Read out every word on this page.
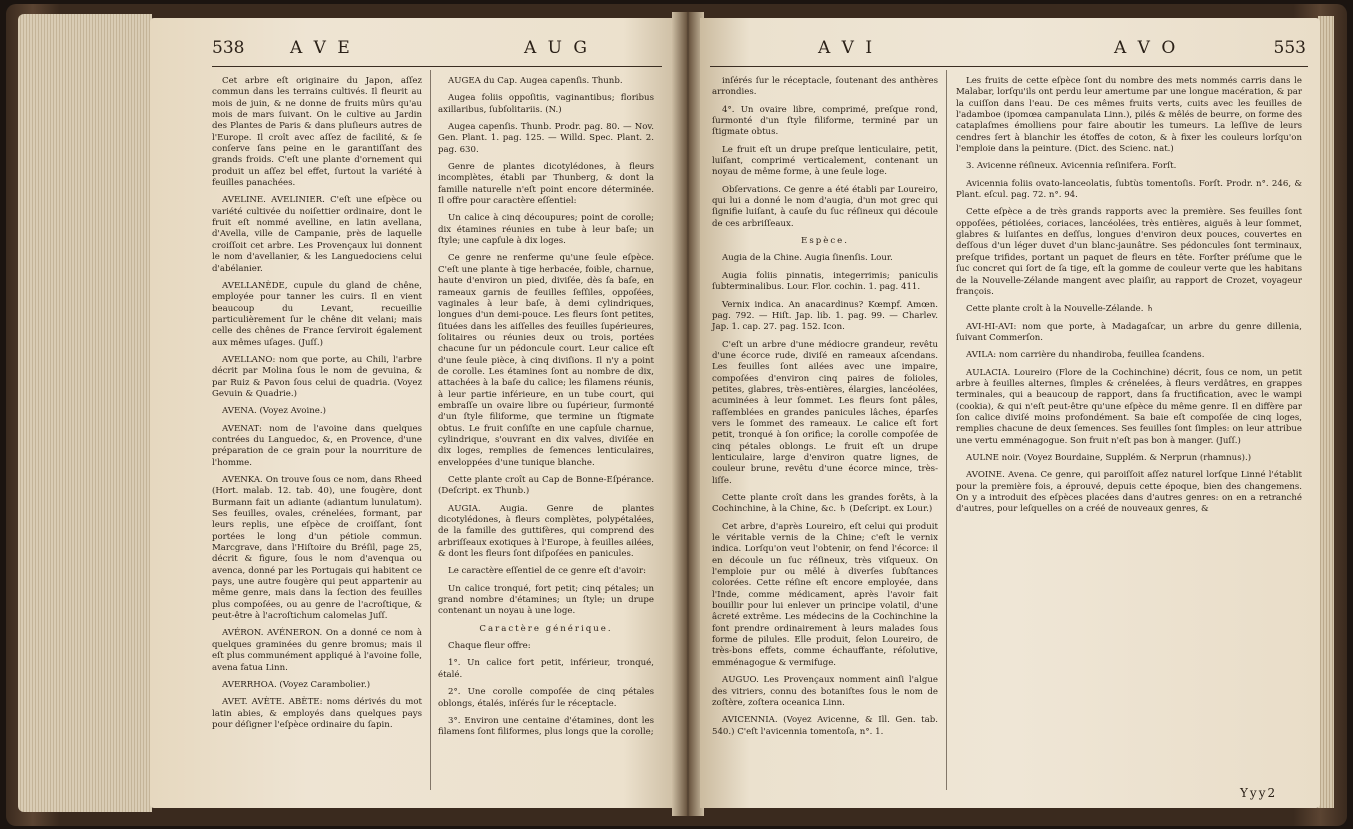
538	A V E	A U G

Cet arbre eſt originaire du Japon, aſſez commun dans les terrains cultivés. Il fleurit au mois de juin, & ne donne de fruits mûrs qu'au mois de mars ſuivant. On le cultive au Jardin des Plantes de Paris & dans pluſieurs autres de l'Europe. Il croît avec aſſez de facilité, & ſe conſerve ſans peine en le garantiſſant des grands froids. C'eſt une plante d'ornement qui produit un aſſez bel effet, ſurtout la variété à feuilles panachées.

AVELINE. AVELINIER. C'eſt une eſpèce ou variété cultivée du noiſettier ordinaire, dont le fruit eſt nommé avelline, en latin avellana, d'Avella, ville de Campanie, près de laquelle croiſſoit cet arbre. Les Provençaux lui donnent le nom d'avellanier, & les Languedociens celui d'abélanier.

AVELLANÈDE, cupule du gland de chêne, employée pour tanner les cuirs. Il en vient beaucoup du Levant, recueillie particulièrement ſur le chêne dit velani; mais celle des chênes de France ſerviroit également aux mêmes uſages. (Juſſ.)

AVELLANO: nom que porte, au Chili, l'arbre décrit par Molina ſous le nom de gevuina, & par Ruiz & Pavon ſous celui de quadria. (Voyez Gevuin & Quadrie.)

AVENA. (Voyez Avoine.)

AVENAT: nom de l'avoine dans quelques contrées du Languedoc, &, en Provence, d'une préparation de ce grain pour la nourriture de l'homme.

AVENKA. On trouve ſous ce nom, dans Rheed (Hort. malab. 12. tab. 40), une fougère, dont Burmann fait un adiante (adiantum lunulatum). Ses feuilles, ovales, crénelées, formant, par leurs replis, une eſpèce de croiſſant, ſont portées le long d'un pétiole commun. Marcgrave, dans l'Hiſtoire du Bréſil, page 25, décrit & figure, ſous le nom d'avenqua ou avenca, donné par les Portugais qui habitent ce pays, une autre fougère qui peut appartenir au même genre, mais dans la ſection des feuilles plus compoſées, ou au genre de l'acroſtique, & peut-être à l'acroſtichum calomelas Juſſ.

AVÉRON. AVÉNERON. On a donné ce nom à quelques graminées du genre bromus; mais il eſt plus communément appliqué à l'avoine folle, avena fatua Linn.

AVERRHOA. (Voyez Carambolier.)

AVET. AVÈTE. ABÈTE: noms dérivés du mot latin abies, & employés dans quelques pays pour déſigner l'eſpèce ordinaire du ſapin.

AUGEA du Cap. Augea capenſis. Thunb.

Augea foliis oppoſitis, vaginantibus; floribus axillaribus, ſubſolitariis. (N.)

Augea capenſis. Thunb. Prodr. pag. 80. — Nov. Gen. Plant. 1. pag. 125. — Willd. Spec. Plant. 2. pag. 630.

Genre de plantes dicotylédones, à fleurs incomplètes, établi par Thunberg, & dont la famille naturelle n'eſt point encore déterminée. Il offre pour caractère eſſentiel:

Un calice à cinq découpures; point de corolle; dix étamines réunies en tube à leur baſe; un ſtyle; une capſule à dix loges.

Ce genre ne renferme qu'une ſeule eſpèce. C'eſt une plante à tige herbacée, foible, charnue, haute d'environ un pied, diviſée, dès ſa baſe, en rameaux garnis de feuilles ſeſſiles, oppoſées, vaginales à leur baſe, à demi cylindriques, longues d'un demi-pouce. Les fleurs ſont petites, ſituées dans les aiſſelles des feuilles ſupérieures, ſolitaires ou réunies deux ou trois, portées chacune ſur un pédoncule court. Leur calice eſt d'une ſeule pièce, à cinq diviſions. Il n'y a point de corolle. Les étamines ſont au nombre de dix, attachées à la baſe du calice; les filamens réunis, à leur partie inférieure, en un tube court, qui embraſſe un ovaire libre ou ſupérieur, ſurmonté d'un ſtyle filiforme, que termine un ſtigmate obtus. Le fruit conſiſte en une capſule charnue, cylindrique, s'ouvrant en dix valves, diviſée en dix loges, remplies de ſemences lenticulaires, enveloppées d'une tunique blanche.

Cette plante croît au Cap de Bonne-Eſpérance. (Deſcript. ex Thunb.)

AUGIA. Augia. Genre de plantes dicotylédones, à fleurs complètes, polypétalées, de la famille des guttifères, qui comprend des arbriſſeaux exotiques à l'Europe, à feuilles ailées, & dont les fleurs ſont diſpoſées en panicules.

Le caractère eſſentiel de ce genre eſt d'avoir:

Un calice tronqué, fort petit; cinq pétales; un grand nombre d'étamines; un ſtyle; un drupe contenant un noyau à une loge.

Caractère générique.

Chaque fleur offre:

1°. Un calice fort petit, inférieur, tronqué, étalé.

2°. Une corolle compoſée de cinq pétales oblongs, étalés, inſérés ſur le réceptacle.

3°. Environ une centaine d'étamines, dont les filamens ſont filiformes, plus longs que la corolle;

A V I	A V O	553

inſérés ſur le réceptacle, ſoutenant des anthères arrondies.

4°. Un ovaire libre, comprimé, preſque rond, ſurmonté d'un ſtyle filiforme, terminé par un ſtigmate obtus.

Le fruit eſt un drupe preſque lenticulaire, petit, luiſant, comprimé verticalement, contenant un noyau de même forme, à une ſeule loge.

Obſervations. Ce genre a été établi par Loureiro, qui lui a donné le nom d'augia, d'un mot grec qui ſignifie luiſant, à cauſe du ſuc réſineux qui découle de ces arbriſſeaux.

Espèce.

Augia de la Chine. Augia ſinenſis. Lour.

Augia foliis pinnatis, integerrimis; paniculis ſubterminalibus. Lour. Flor. cochin. 1. pag. 411.

Vernix indica. An anacardinus? Kœmpf. Amœn. pag. 792. — Hiſt. Jap. lib. 1. pag. 99. — Charlev. Jap. 1. cap. 27. pag. 152. Icon.

C'eſt un arbre d'une médiocre grandeur, revêtu d'une écorce rude, diviſé en rameaux aſcendans. Les feuilles ſont ailées avec une impaire, compoſées d'environ cinq paires de folioles, petites, glabres, très-entières, élargies, lancéolées, acuminées à leur ſommet. Les fleurs ſont pâles, raſſemblées en grandes panicules lâches, éparſes vers le ſommet des rameaux. Le calice eſt fort petit, tronqué à ſon orifice; la corolle compoſée de cinq pétales oblongs. Le fruit eſt un drupe lenticulaire, large d'environ quatre lignes, de couleur brune, revêtu d'une écorce mince, très-liſſe.

Cette plante croît dans les grandes forêts, à la Cochinchine, à la Chine, &c. ♄ (Deſcript. ex Lour.)

Cet arbre, d'après Loureiro, eſt celui qui produit le véritable vernis de la Chine; c'eſt le vernix indica. Lorſqu'on veut l'obtenir, on fend l'écorce: il en découle un ſuc réſineux, très viſqueux. On l'emploie pur ou mêlé à diverſes ſubſtances colorées. Cette réſine eſt encore employée, dans l'Inde, comme médicament, après l'avoir fait bouillir pour lui enlever un principe volatil, d'une âcreté extrême. Les médecins de la Cochinchine la font prendre ordinairement à leurs malades ſous forme de pilules. Elle produit, ſelon Loureiro, de très-bons effets, comme échauffante, réſolutive, emménagogue & vermifuge.

AUGUO. Les Provençaux nomment ainſi l'algue des vitriers, connu des botaniſtes ſous le nom de zoſtère, zoſtera oceanica Linn.

AVICENNIA. (Voyez Avicenne, & Ill. Gen. tab. 540.) C'eſt l'avicennia tomentoſa, n°. 1.

Les fruits de cette eſpèce ſont du nombre des mets nommés carris dans le Malabar, lorſqu'ils ont perdu leur amertume par une longue macération, & par la cuiſſon dans l'eau. De ces mêmes fruits verts, cuits avec les feuilles de l'adamboe (ipomœa campanulata Linn.), pilés & mêlés de beurre, on forme des cataplaſmes émolliens pour faire aboutir les tumeurs. La leſſive de leurs cendres ſert à blanchir les étoffes de coton, & à fixer les couleurs lorſqu'on l'emploie dans la peinture. (Dict. des Scienc. nat.)

3. Avicenne réſineux. Avicennia reſinifera. Forſt.

Avicennia foliis ovato-lanceolatis, ſubtùs tomentoſis. Forſt. Prodr. n°. 246, & Plant. eſcul. pag. 72. n°. 94.

Cette eſpèce a de très grands rapports avec la première. Ses feuilles ſont oppoſées, pétiolées, coriaces, lancéolées, très entières, aiguës à leur ſommet, glabres & luiſantes en deſſus, longues d'environ deux pouces, couvertes en deſſous d'un léger duvet d'un blanc-jaunâtre. Ses pédoncules ſont terminaux, preſque trifides, portant un paquet de fleurs en tête. Forſter préſume que le ſuc concret qui ſort de ſa tige, eſt la gomme de couleur verte que les habitans de la Nouvelle-Zélande mangent avec plaiſir, au rapport de Crozet, voyageur françois.

Cette plante croît à la Nouvelle-Zélande. ♄

AVI-HI-AVI: nom que porte, à Madagaſcar, un arbre du genre dillenia, ſuivant Commerſon.

AVILA: nom carrière du nhandiroba, feuillea ſcandens.

AULACIA. Loureiro (Flore de la Cochinchine) décrit, ſous ce nom, un petit arbre à feuilles alternes, ſimples & crénelées, à fleurs verdâtres, en grappes terminales, qui a beaucoup de rapport, dans ſa fructification, avec le wampi (cookia), & qui n'eſt peut-être qu'une eſpèce du même genre. Il en diffère par ſon calice diviſé moins profondément. Sa baie eſt compoſée de cinq loges, remplies chacune de deux ſemences. Ses feuilles ſont ſimples: on leur attribue une vertu emménagogue. Son fruit n'eſt pas bon à manger. (Juſſ.)

AULNE noir. (Voyez Bourdaine, Supplém. & Nerprun (rhamnus).)

AVOINE. Avena. Ce genre, qui paroiſſoit aſſez naturel lorſque Linné l'établit pour la première fois, a éprouvé, depuis cette époque, bien des changemens. On y a introduit des eſpèces placées dans d'autres genres: on en a retranché d'autres, pour leſquelles on a créé de nouveaux genres, &

Yyy2
